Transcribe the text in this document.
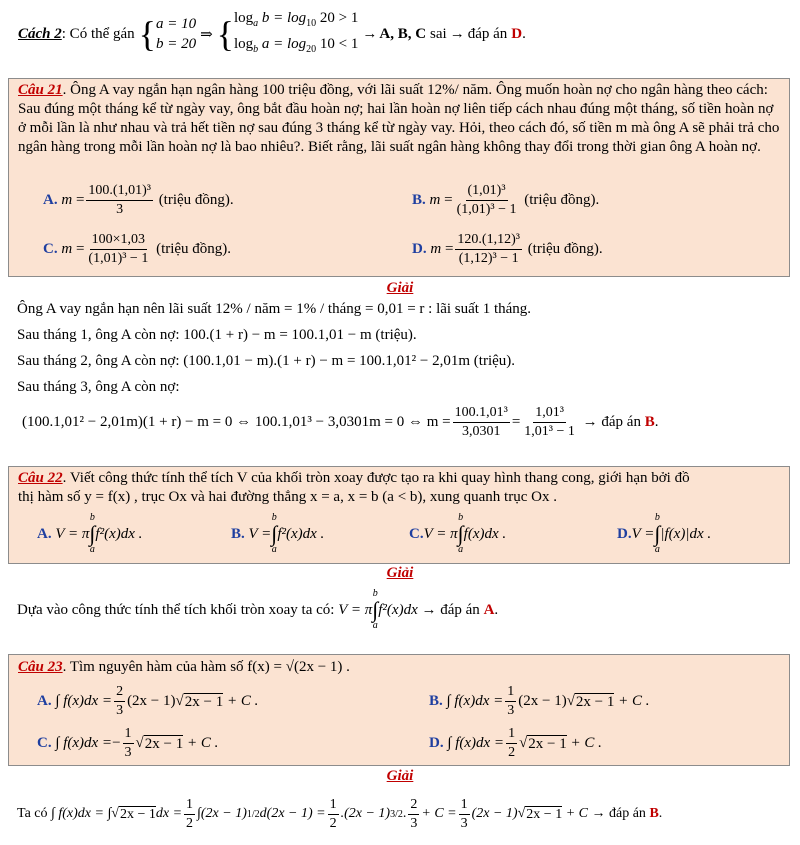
Cách 2 : Có thể gán { a = 10
b = 20
⇒ { $\log_a b = \log_{10} 20 > 1$
$\log_b a = \log_{20} 10 < 1$
→ A, B, C sai → đáp án D .
Câu 21. Ông A vay ngắn hạn ngân hàng 100 triệu đồng, với lãi suất 12%/ năm. Ông muốn hoàn nợ cho ngân hàng theo cách: Sau đúng một tháng kể từ ngày vay, ông bắt đầu hoàn nợ; hai lần hoàn nợ liên tiếp cách nhau đúng một tháng, số tiền hoàn nợ ở mỗi lần là như nhau và trả hết tiền nợ sau đúng 3 tháng kể từ ngày vay. Hỏi, theo cách đó, số tiền m mà ông A sẽ phải trả cho ngân hàng trong mỗi lần hoàn nợ là bao nhiêu?. Biết rằng, lãi suất ngân hàng không thay đổi trong thời gian ông A hoàn nợ.
A.
$m = \frac{\text{100.(1,01)³}}{3}$
(triệu đồng).	B.
$m = \frac{\text{(1,01)³}}{\text{(1,01)³ − 1}}$
(triệu đồng).
C.
$m = \frac{100\times 1,03}{\text{(1,01)³ − 1}}$
(triệu đồng).	D.
$m = \frac{\text{120.(1,12)³}}{\text{(1,12)³ − 1}}$
(triệu đồng).
Giải
Ông A vay ngắn hạn nên lãi suất 12% / năm = 1% / tháng = 0,01 = r : lãi suất 1 tháng.
Sau tháng 1, ông A còn nợ: 100.(1 + r) − m = 100.1,01 − m (triệu).
Sau tháng 2, ông A còn nợ: (100.1,01 − m).(1 + r) − m = 100.1,01² − 2,01m (triệu).
Sau tháng 3, ông A còn nợ:
(100.1,01² − 2,01m)(1 + r) − m = 0 ⇔ 100.1,01³ − 3,0301m = 0 ⇔ $m = \frac{\text{100.1,01³}}{3,0301} = \frac{\text{1,01³}}{\text{1,01³ − 1}}$
→ đáp án
B .
Câu 22. Viết công thức tính thể tích V của khối tròn xoay được tạo ra khi quay hình thang cong, giới hạn bởi đồ
thị hàm số y = f(x) , trục Ox và hai đường thẳng x = a, x = b (a < b), xung quanh trục Ox .
A.
V = π
b
∫
a
f²(x)dx .	B.
V =
b
∫
a
f²(x)dx .	C. V = π
b
∫
a
f(x)dx .	D. V =
b
∫
a
|f(x)|dx .
Giải
Dựa vào công thức tính thể tích khối tròn xoay ta có:
V = π
b
∫
a
f²(x)dx
→ đáp án
A .
Câu 23. Tìm nguyên hàm của hàm số f(x) = √(2x − 1) .
A.
∫ $f(x)dx = \frac{2}{3} (2x - 1)$ √ 2x − 1
+ C .	B.
∫ $f(x)dx = \frac{1}{3} (2x - 1)$ √ 2x − 1
+ C .
C.
∫ f(x)dx = − $\frac{1}{3}$ √ 2x − 1
+ C .	D.
∫ $f(x)dx = \frac{1}{2}$ √ 2x − 1
+ C .
Giải
Ta có
∫ f(x)dx = ∫ √ 2x − 1 dx = $\frac{1}{2} \int(2x - 1)$ 1/2 $d(2x - 1) = \frac{1}{2} .(2x - 1)$ 3/2 . $\frac{2}{3} + C = \frac{1}{3} (2x - 1)$ √ 2x − 1
+ C
→ đáp án
B .
